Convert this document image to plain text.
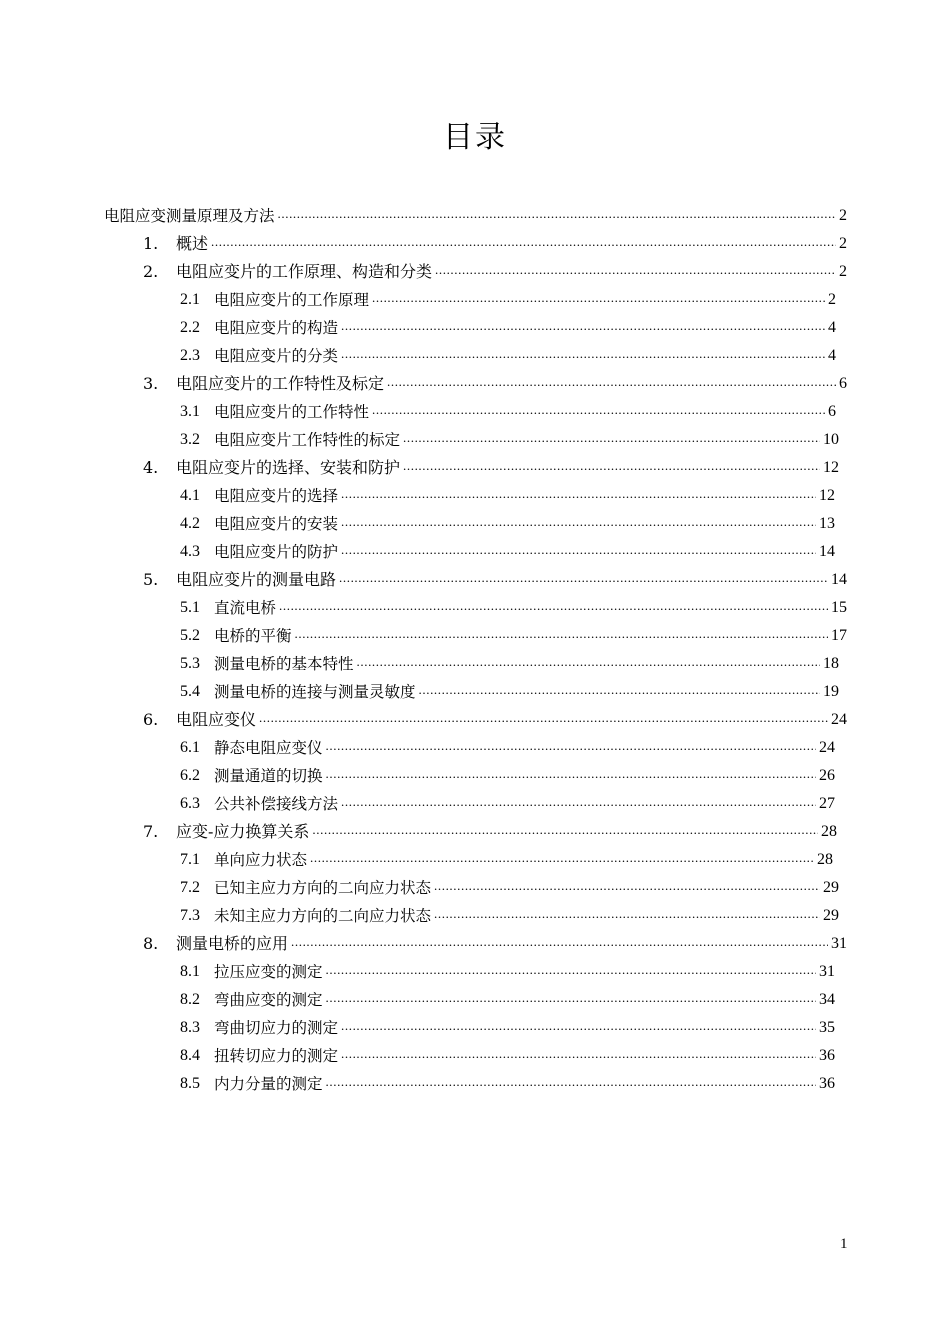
目录
电阻应变测量原理及方法 .....	2
1.	概述 .....	2
2.	电阻应变片的工作原理、构造和分类 .....	2
2.1 电阻应变片的工作原理 .....	2
2.2 电阻应变片的构造 .....	4
2.3 电阻应变片的分类 .....	4
3.	电阻应变片的工作特性及标定 .....	6
3.1 电阻应变片的工作特性 .....	6
3.2 电阻应变片工作特性的标定 .....	10
4.	电阻应变片的选择、安装和防护 .....	12
4.1 电阻应变片的选择 .....	12
4.2 电阻应变片的安装 .....	13
4.3 电阻应变片的防护 .....	14
5.	电阻应变片的测量电路 .....	14
5.1 直流电桥 .....	15
5.2 电桥的平衡 .....	17
5.3 测量电桥的基本特性 .....	18
5.4 测量电桥的连接与测量灵敏度 .....	19
6.	电阻应变仪 .....	24
6.1 静态电阻应变仪 .....	24
6.2 测量通道的切换 .....	26
6.3 公共补偿接线方法 .....	27
7.	应变-应力换算关系 .....	28
7.1 单向应力状态 .....	28
7.2 已知主应力方向的二向应力状态 .....	29
7.3 未知主应力方向的二向应力状态 .....	29
8.	测量电桥的应用 .....	31
8.1 拉压应变的测定 .....	31
8.2 弯曲应变的测定 .....	34
8.3 弯曲切应力的测定 .....	35
8.4 扭转切应力的测定 .....	36
8.5 内力分量的测定 .....	36
1
